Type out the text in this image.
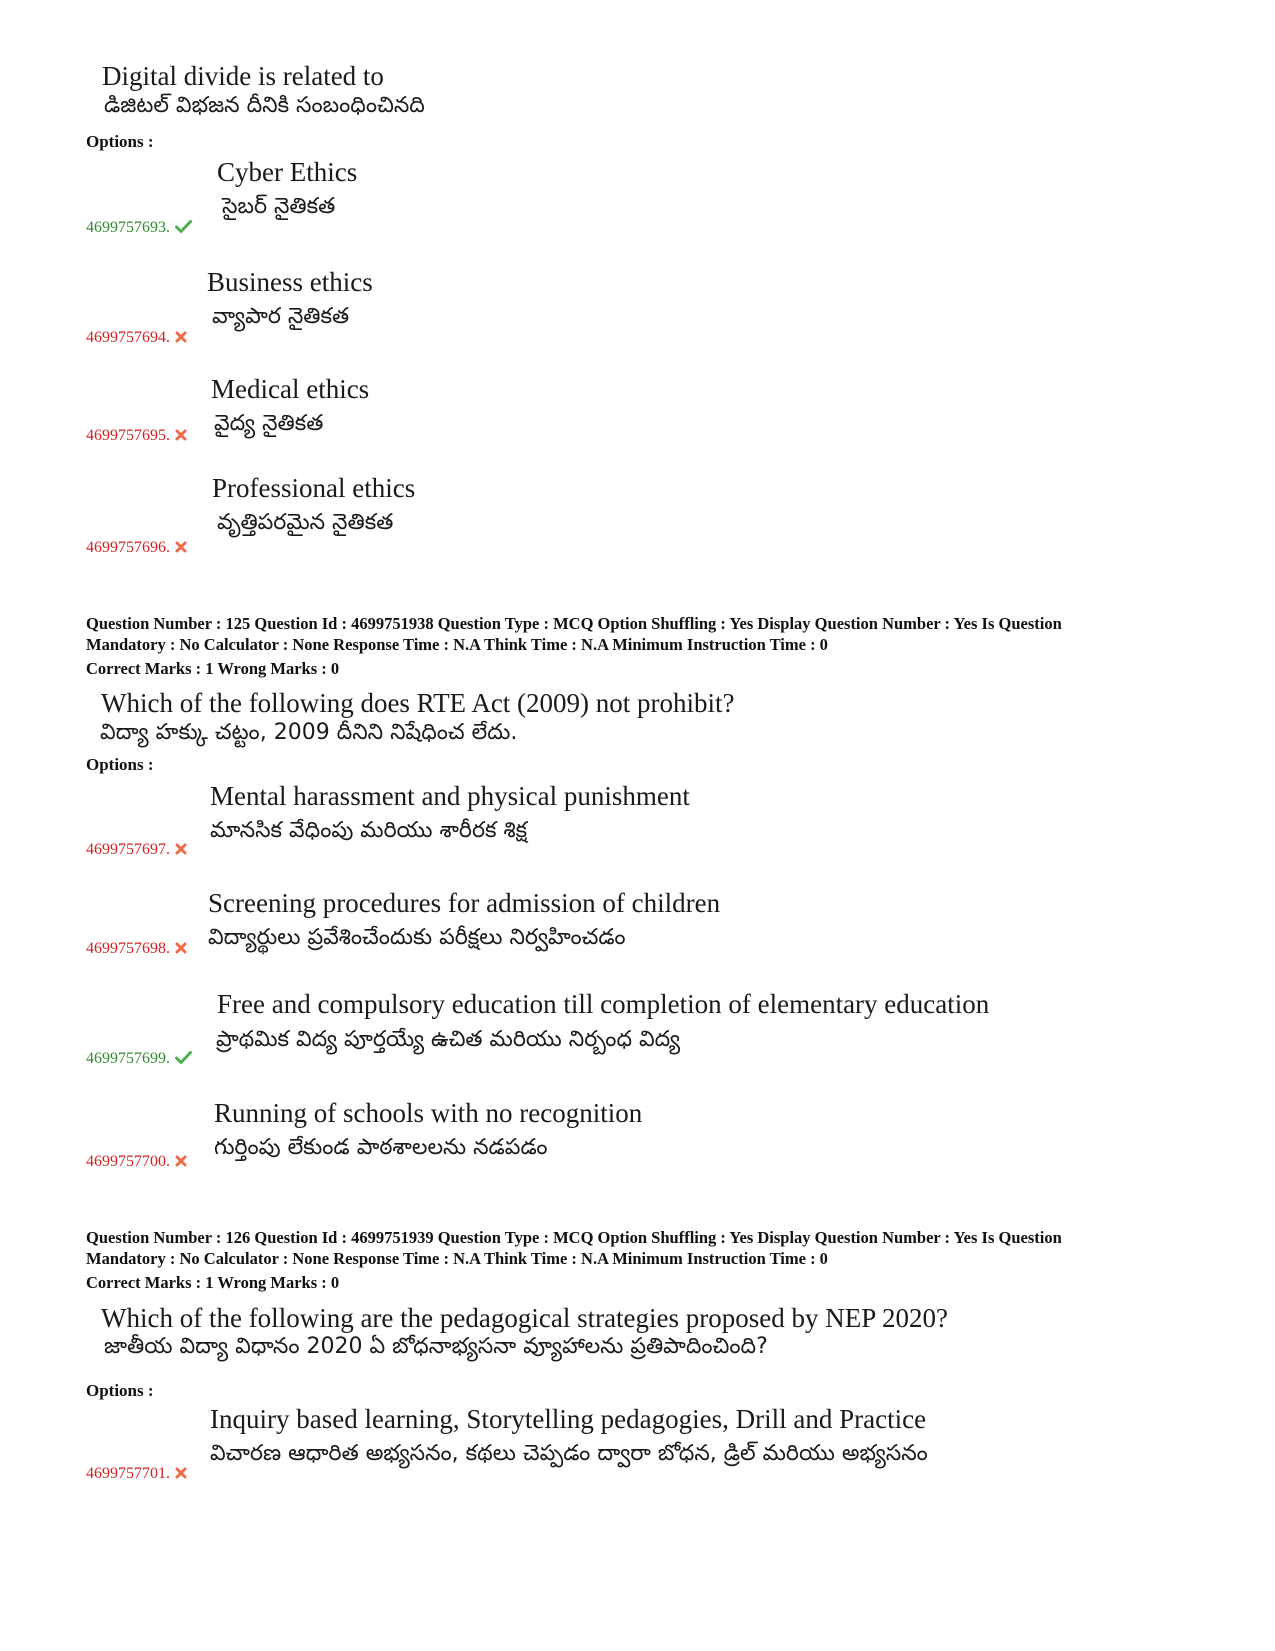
Digital divide is related to
డిజిటల్ విభజన దీనికి సంబంధించినది
Options :
Cyber Ethics
సైబర్ నైతికత
4699757693.
Business ethics
వ్యాపార నైతికత
4699757694.
Medical ethics
వైద్య నైతికత
4699757695.
Professional ethics
వృత్తిపరమైన నైతికత
4699757696.
Question Number : 125 Question Id : 4699751938 Question Type : MCQ Option Shuffling : Yes Display Question Number : Yes Is Question
Mandatory : No Calculator : None Response Time : N.A Think Time : N.A Minimum Instruction Time : 0
Correct Marks : 1 Wrong Marks : 0
Which of the following does RTE Act (2009) not prohibit?
విద్యా హక్కు చట్టం, 2009 దీనిని నిషేధించ లేదు.
Options :
Mental harassment and physical punishment
మానసిక వేధింపు మరియు శారీరక శిక్ష
4699757697.
Screening procedures for admission of children
విద్యార్థులు ప్రవేశించేందుకు పరీక్షలు నిర్వహించడం
4699757698.
Free and compulsory education till completion of elementary education
ప్రాథమిక విద్య పూర్తయ్యే ఉచిత మరియు నిర్బంధ విద్య
4699757699.
Running of schools with no recognition
గుర్తింపు లేకుండ పాఠశాలలను నడపడం
4699757700.
Question Number : 126 Question Id : 4699751939 Question Type : MCQ Option Shuffling : Yes Display Question Number : Yes Is Question
Mandatory : No Calculator : None Response Time : N.A Think Time : N.A Minimum Instruction Time : 0
Correct Marks : 1 Wrong Marks : 0
Which of the following are the pedagogical strategies proposed by NEP 2020?
జాతీయ విద్యా విధానం 2020 ఏ బోధనాభ్యసనా వ్యూహాలను ప్రతిపాదించింది?
Options :
Inquiry based learning, Storytelling pedagogies, Drill and Practice
విచారణ ఆధారిత అభ్యసనం, కథలు చెప్పడం ద్వారా బోధన, డ్రిల్ మరియు అభ్యసనం
4699757701.
